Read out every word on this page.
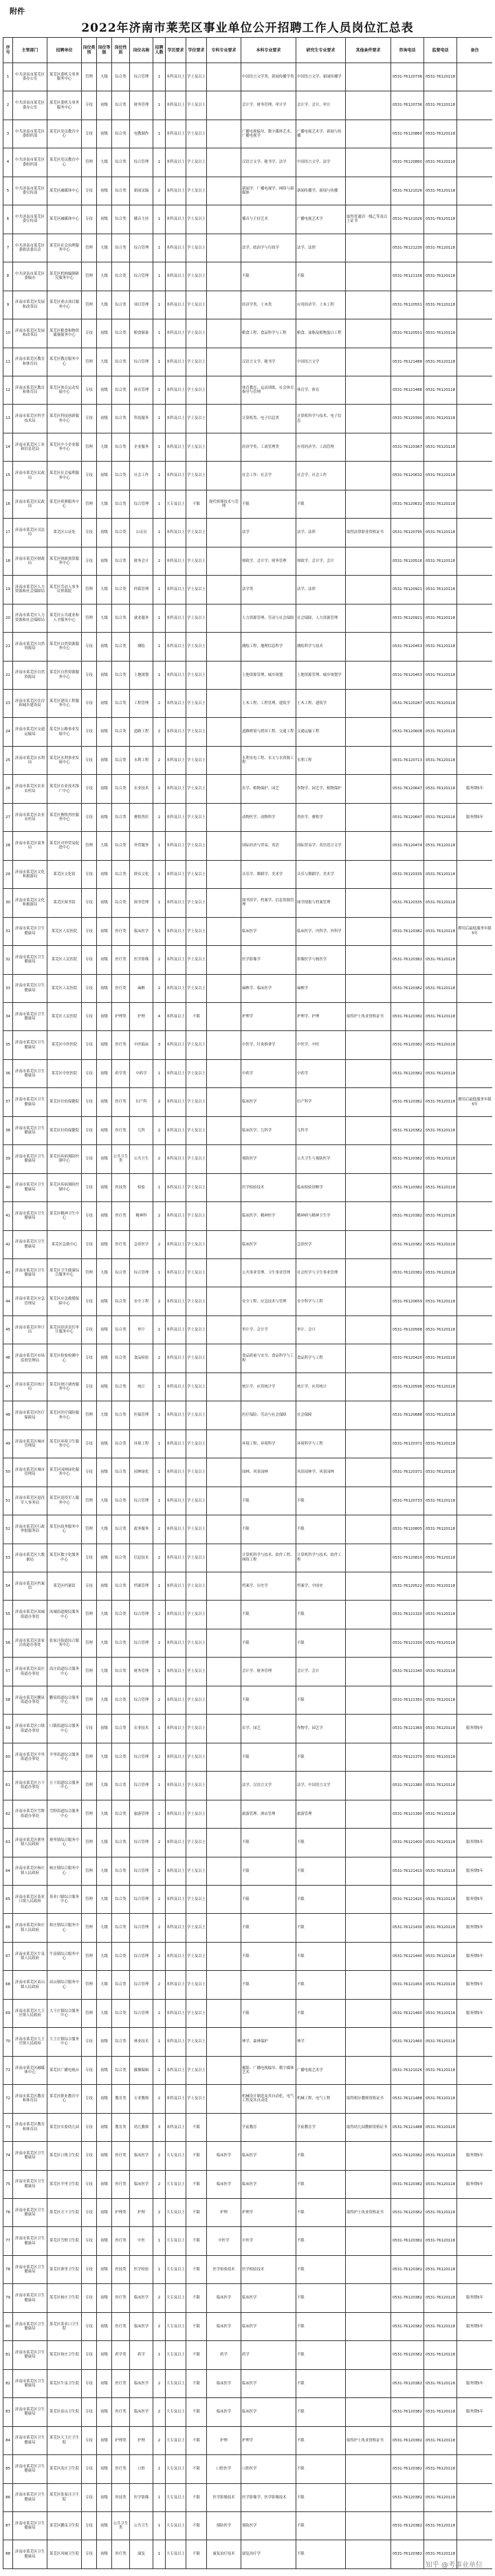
附件
2022年济南市莱芜区事业单位公开招聘工作人员岗位汇总表
序号	主管部门	招聘单位	岗位类别	岗位等级	岗位性质	岗位名称	招聘人数	学历要求	学位要求	专科专业要求	本科专业要求	研究生专业要求	其他条件要求	咨询电话	监督电话	备注
1	中共济南市莱芜区委办公室	莱芜区委机关事务服务中心	管理	九级	综合类	综合管理	1	本科及以上	学士及以上		中国语言文学类、新闻传播学类	中国语言文学、新闻传播学		0531-76120736	0531-76120118	
2	中共济南市莱芜区委办公室	莱芜区委机关事务服务中心	专技	初级	综合类	财务管理	1	本科及以上	学士及以上		会计学、财务管理、审计学	会计学、会计、审计		0531-76120736	0531-76120118	
3	中共济南市莱芜区委组织部	莱芜区党员教育中心	专技	初级	综合类	电教制作	1	本科及以上	学士及以上		广播电视编导、数字媒体艺术、广播电视学	广播电视艺术学、新闻与传播		0531-76120860	0531-76120118	
4	中共济南市莱芜区委组织部	莱芜区党员教育中心	管理	九级	综合类	综合管理	1	本科及以上	学士及以上		汉语言文学、秘书学、法学	中国语言文学、法学		0531-76120860	0531-76120118	
5	中共济南市莱芜区委宣传部	莱芜区融媒体中心	专技	初级	综合类	新闻采编	2	本科及以上	学士及以上		新闻学、广播电视学、网络与新媒体	新闻传播学、新闻与传播		0531-76121026	0531-76120118	
6	中共济南市莱芜区委宣传部	莱芜区融媒体中心	专技	初级	综合类	播音主持	1	本科及以上	学士及以上		播音与主持艺术	广播电视艺术学	取得普通话一级乙等及以上证书	0531-76121026	0531-76120118	
7	中共济南市莱芜区委政法委员会	莱芜区社会治理服务中心	管理	九级	综合类	综合管理	1	本科及以上	学士及以上		法学、政治学与行政学	法学、法律		0531-76121230	0531-76120118	
8	中共济南市莱芜区委编办	莱芜区机构编制研究服务中心	管理	九级	综合类	综合管理	1	本科及以上	学士及以上		不限	不限		0531-76121156	0531-76120118	
9	济南市莱芜区发展和改革局	莱芜区重点项目服务中心	管理	九级	综合类	项目管理	1	本科及以上	学士及以上		经济学类、土木类	应用经济学、土木工程		0531-76120551	0531-76120118	
10	济南市莱芜区发展和改革局	莱芜区粮食和物资储备服务中心	专技	初级	综合类	粮食储备	1	本科及以上	学士及以上		粮食工程、食品科学与工程	粮食、油脂及植物蛋白工程		0531-76120551	0531-76120118	
11	济南市莱芜区教育和体育局	莱芜区教育服务中心	管理	九级	综合类	综合管理	1	本科及以上	学士及以上		汉语言文学、秘书学	中国语言文学		0531-76121488	0531-76120118	
12	济南市莱芜区教育和体育局	莱芜区体育运动发展中心	专技	初级	综合类	体育管理	1	本科及以上	学士及以上		体育教育、运动训练、社会体育指导与管理	体育学、体育		0531-76121488	0531-76120118	
13	济南市莱芜区科学技术局	莱芜区科技创新服务中心	专技	初级	综合类	科技服务	1	本科及以上	学士及以上		计算机类、电子信息类	计算机科学与技术、电子信息		0531-76120390	0531-76120118	
14	济南市莱芜区工业和信息化局	莱芜区中小企业服务中心	管理	九级	综合类	企业服务	1	本科及以上	学士及以上		经济学类、工商管理类	应用经济学、工商管理		0531-76120367	0531-76120118	
15	济南市莱芜区民政局	莱芜区社会福利服务中心	专技	初级	综合类	社会工作	1	本科及以上	学士及以上		社会工作、社会学	社会学、社会工作		0531-76120632	0531-76120118	
16	济南市莱芜区民政局	莱芜区殡葬服务中心	管理	九级	综合类	综合管理	1	大专及以上	不限	现代殡葬技术与管理	不限	不限		0531-76120632	0531-76120118	
17	济南市莱芜区司法局	莱芜区公证处	专技	初级	综合类	公证员	1	本科及以上	学士及以上		法学	法学、法律	取得法律职业资格证书	0531-76120795	0531-76120118	
18	济南市莱芜区财政局	莱芜区财政预算服务中心	专技	初级	综合类	财务会计	2	本科及以上	学士及以上		财政学、会计学、财务管理	财政学、会计学、会计		0531-76120516	0531-76120118	
19	济南市莱芜区人力资源和社会保障局	莱芜区劳动人事争议仲裁院	管理	九级	综合类	仲裁管理	1	本科及以上	学士及以上		法学类	法学、法律		0531-76120921	0531-76120118	
20	济南市莱芜区人力资源和社会保障局	莱芜区公共就业和人才服务中心	管理	九级	综合类	就业服务	1	本科及以上	学士及以上		人力资源管理、劳动与社会保障	社会保障、人力资源管理		0531-76120921	0531-76120118	
21	济南市莱芜区自然资源局	莱芜区自然资源服务中心	专技	初级	综合类	测绘	1	本科及以上	学士及以上		测绘工程、地理信息科学	测绘科学与技术		0531-76120453	0531-76120118	
22	济南市莱芜区自然资源局	莱芜区自然资源服务中心	专技	初级	综合类	土地规划	1	本科及以上	学士及以上		土地资源管理、城乡规划	土地资源管理、城乡规划学		0531-76120453	0531-76120118	
23	济南市莱芜区住房和城乡建设局	莱芜区建设工程服务中心	专技	初级	综合类	工程管理	2	本科及以上	学士及以上		土木工程、工程管理、建筑学	土木工程、建筑学		0531-76120287	0531-76120118	
24	济南市莱芜区交通运输局	莱芜区公路事业发展中心	专技	初级	综合类	道路工程	2	本科及以上	学士及以上		道路桥梁与渡河工程、交通工程	交通运输工程		0531-76120608	0531-76120118	
25	济南市莱芜区水利局	莱芜区水利事业发展中心	专技	初级	综合类	水利工程	2	本科及以上	学士及以上		水利水电工程、水文与水资源工程	水利工程		0531-76120713	0531-76120118	
26	济南市莱芜区农业农村局	莱芜区农业技术推广中心	专技	初级	综合类	农业技术	2	本科及以上	学士及以上		农学、植物保护、园艺	作物学、园艺学、植物保护		0531-76120647	0531-76120118	服务期5年
27	济南市莱芜区农业农村局	莱芜区畜牧兽医服务中心	专技	初级	综合类	畜牧兽医	2	本科及以上	学士及以上		动物医学、动物科学	兽医学、畜牧学		0531-76120647	0531-76120118	服务期5年
28	济南市莱芜区商务局	莱芜区对外贸易促进中心	管理	九级	综合类	外贸服务	1	本科及以上	学士及以上		国际经济与贸易、英语	国际贸易学、英语语言文学		0531-76120474	0531-76120118	
29	济南市莱芜区文化和旅游局	莱芜区文化馆	专技	初级	综合类	群众文化	1	本科及以上	学士及以上		音乐学、舞蹈学、美术学	音乐与舞蹈学、美术学		0531-76120335	0531-76120118	
30	济南市莱芜区文化和旅游局	莱芜区图书馆	专技	初级	综合类	图书管理	1	本科及以上	学士及以上		图书馆学、档案学、信息资源管理	图书情报与档案管理		0531-76120335	0531-76120118	
31	济南市莱芜区卫生健康局	莱芜区人民医院	专技	初级	医疗类	临床医学	5	本科及以上	学士及以上		临床医学	临床医学、内科学、外科学		0531-76120382	0531-76120118	聘用后最低服务年限5年
32	济南市莱芜区卫生健康局	莱芜区人民医院	专技	初级	医疗类	医学影像	2	本科及以上	学士及以上		医学影像学	影像医学与核医学		0531-76120382	0531-76120118	
33	济南市莱芜区卫生健康局	莱芜区人民医院	专技	初级	医疗类	麻醉	2	本科及以上	学士及以上		麻醉学、临床医学	麻醉学		0531-76120382	0531-76120118	
34	济南市莱芜区卫生健康局	莱芜区人民医院	专技	初级	护理类	护理	4	本科及以上	不限		护理学	护理学、护理	取得护士执业资格证书	0531-76120382	0531-76120118	
35	济南市莱芜区卫生健康局	莱芜区中医医院	专技	初级	医疗类	中医临床	3	本科及以上	学士及以上		中医学、针灸推拿学	中医学、中医		0531-76120382	0531-76120118	
36	济南市莱芜区卫生健康局	莱芜区中医医院	专技	初级	药学类	中药学	1	本科及以上	学士及以上		中药学	中药学		0531-76120382	0531-76120118	
37	济南市莱芜区卫生健康局	莱芜区妇幼保健院	专技	初级	医疗类	妇产科	2	本科及以上	学士及以上		临床医学	妇产科学		0531-76120382	0531-76120118	聘用后最低服务年限5年
38	济南市莱芜区卫生健康局	莱芜区妇幼保健院	专技	初级	医疗类	儿科	2	本科及以上	学士及以上		临床医学、儿科学	儿科学		0531-76120382	0531-76120118	
39	济南市莱芜区卫生健康局	莱芜区疾病预防控制中心	专技	初级	公共卫生类	公共卫生	2	本科及以上	学士及以上		预防医学	公共卫生与预防医学		0531-76120382	0531-76120118	
40	济南市莱芜区卫生健康局	莱芜区疾病预防控制中心	专技	初级	医技类	检验	1	本科及以上	学士及以上		医学检验技术	临床检验诊断学		0531-76120382	0531-76120118	
41	济南市莱芜区卫生健康局	莱芜区精神卫生中心	专技	初级	医疗类	精神科	2	本科及以上	学士及以上		临床医学、精神医学	精神病与精神卫生学		0531-76120382	0531-76120118	
42	济南市莱芜区卫生健康局	莱芜区急救中心	专技	初级	医疗类	急诊医学	2	本科及以上	学士及以上		临床医学	急诊医学		0531-76120382	0531-76120118	
43	济南市莱芜区卫生健康局	莱芜区卫生健康综合服务中心	管理	九级	综合类	综合管理	1	本科及以上	学士及以上		公共事业管理、卫生事业管理	社会医学与卫生事业管理		0531-76120382	0531-76120118	
44	济南市莱芜区应急管理局	莱芜区应急救援保障中心	专技	初级	综合类	安全工程	2	本科及以上	学士及以上		安全工程、应急技术与管理	安全科学与工程		0531-76120659	0531-76120118	
45	济南市莱芜区审计局	莱芜区经济责任审计服务中心	专技	初级	综合类	审计	1	本科及以上	学士及以上		审计学、会计学	审计、会计		0531-76120568	0531-76120118	
46	济南市莱芜区市场监督管理局	莱芜区检验检测中心	专技	初级	综合类	食品检验	2	本科及以上	学士及以上		食品质量与安全、食品科学与工程	食品科学与工程		0531-76120420	0531-76120118	
47	济南市莱芜区统计局	莱芜区统计调查服务中心	专技	初级	综合类	统计	1	本科及以上	学士及以上		统计学、应用统计学	统计学、应用统计		0531-76120596	0531-76120118	
48	济南市莱芜区医疗保障局	莱芜区医疗保险服务中心	管理	九级	综合类	医保管理	1	本科及以上	学士及以上		医疗保险、劳动与社会保障	社会保障		0531-76120688	0531-76120118	
49	济南市莱芜区城市管理局	莱芜区环境卫生服务中心	专技	初级	综合类	环境工程	1	本科及以上	学士及以上		环境工程、环境科学	环境科学与工程		0531-76120371	0531-76120118	
50	济南市莱芜区城市管理局	莱芜区园林绿化服务中心	专技	初级	综合类	园林绿化	1	本科及以上	学士及以上		园林、风景园林	风景园林学、风景园林		0531-76120371	0531-76120118	
51	济南市莱芜区退役军人事务局	莱芜区退役军人服务中心	管理	九级	综合类	综合管理	1	本科及以上	学士及以上		不限	不限		0531-76120733	0531-76120118	
52	济南市莱芜区行政审批服务局	莱芜区政务服务中心	管理	九级	综合类	政务服务	2	本科及以上	学士及以上		不限	不限		0531-76120805	0531-76120118	
53	济南市莱芜区大数据局	莱芜区数字化服务中心	专技	初级	综合类	信息技术	2	本科及以上	学士及以上		计算机科学与技术、软件工程、网络工程	计算机科学与技术、软件工程		0531-76120810	0531-76120118	
54	济南市莱芜区档案馆	莱芜区档案馆	专技	初级	综合类	档案管理	1	本科及以上	学士及以上		档案学、历史学	档案学、中国史		0531-76120522	0531-76120118	
55	济南市莱芜区凤城街道办事处	凤城街道便民服务中心	管理	九级	综合类	综合管理	2	本科及以上	学士及以上		不限	不限		0531-76121320	0531-76120118	
56	济南市莱芜区张家洼街道办事处	张家洼街道综合服务中心	管理	九级	综合类	综合管理	2	本科及以上	学士及以上		不限	不限		0531-76121330	0531-76120118	
57	济南市莱芜区高庄街道办事处	高庄街道综合服务中心	管理	九级	综合类	财务管理	1	本科及以上	学士及以上		会计学、财务管理	会计学、会计		0531-76121340	0531-76120118	
58	济南市莱芜区鹏泉街道办事处	鹏泉街道综合服务中心	管理	九级	综合类	综合管理	2	本科及以上	学士及以上		不限	不限		0531-76121350	0531-76120118	
59	济南市莱芜区口镇街道办事处	口镇街道综合服务中心	专技	初级	综合类	农业技术	1	本科及以上	学士及以上		农学、园艺	作物学、园艺学		0531-76121360	0531-76120118	服务期5年
60	济南市莱芜区羊里街道办事处	羊里街道综合服务中心	管理	九级	综合类	综合管理	2	本科及以上	学士及以上		不限	不限		0531-76121370	0531-76120118	
61	济南市莱芜区方下街道办事处	方下街道综合服务中心	管理	九级	综合类	综合管理	1	本科及以上	学士及以上		法学、汉语言文学	法学、中国语言文学		0531-76121380	0531-76120118	
62	济南市莱芜区雪野街道办事处	雪野街道综合服务中心	管理	九级	综合类	旅游管理	1	本科及以上	学士及以上		旅游管理、酒店管理	旅游管理		0531-76121390	0531-76120118	
63	济南市莱芜区寨里镇人民政府	寨里镇综合服务中心	管理	九级	综合类	综合管理	2	本科及以上	学士及以上		不限	不限		0531-76121400	0531-76120118	服务期5年
64	济南市莱芜区杨庄镇人民政府	杨庄镇综合服务中心	管理	九级	综合类	综合管理	2	本科及以上	学士及以上		不限	不限		0531-76121410	0531-76120118	服务期5年
65	济南市莱芜区茶业口镇人民政府	茶业口镇综合服务中心	管理	九级	综合类	综合管理	2	本科及以上	学士及以上		不限	不限		0531-76121420	0531-76120118	服务期5年
66	济南市莱芜区和庄镇人民政府	和庄镇综合服务中心	管理	九级	综合类	综合管理	2	本科及以上	学士及以上		不限	不限		0531-76121430	0531-76120118	服务期5年
67	济南市莱芜区牛泉镇人民政府	牛泉镇综合服务中心	管理	九级	综合类	综合管理	2	本科及以上	学士及以上		不限	不限		0531-76121440	0531-76120118	服务期5年
68	济南市莱芜区苗山镇人民政府	苗山镇综合服务中心	管理	九级	综合类	综合管理	2	本科及以上	学士及以上		不限	不限		0531-76121450	0531-76120118	服务期5年
69	济南市莱芜区大王庄镇人民政府	大王庄镇综合服务中心	管理	九级	综合类	综合管理	2	本科及以上	学士及以上		不限	不限		0531-76121460	0531-76120118	服务期5年
70	济南市莱芜区大王庄镇人民政府	大王庄镇综合服务中心	专技	初级	综合类	林业技术	1	本科及以上	学士及以上		林学、森林保护	林学		0531-76121460	0531-76120118	
71	济南市莱芜区融媒体中心	莱芜区广播电视台	专技	初级	综合类	摄像编辑	1	本科及以上	学士及以上		摄影、广播电视编导、数字媒体艺术	广播电视艺术学		0531-76121026	0531-76120118	
72	济南市莱芜区教育和体育局	莱芜区职业教育中心	专技	初级	教育类	专业教师	2	本科及以上	学士及以上		机械设计制造及其自动化、电气工程及其自动化	机械工程、电气工程	取得相应教师资格证书	0531-76121488	0531-76120118	
73	济南市莱芜区教育和体育局	莱芜区实验幼儿园	专技	初级	教育类	幼儿教师	3	本科及以上	不限		学前教育	学前教育学	取得幼儿园教师资格证书	0531-76121488	0531-76120118	
74	济南市莱芜区卫生健康局	莱芜区口镇卫生院	专技	初级	医疗类	临床医学	2	大专及以上	不限	临床医学	临床医学	不限		0531-76120382	0531-76120118	服务期5年
75	济南市莱芜区卫生健康局	莱芜区羊里卫生院	专技	初级	医疗类	临床医学	2	大专及以上	不限	临床医学	临床医学	不限		0531-76120382	0531-76120118	服务期5年
76	济南市莱芜区卫生健康局	莱芜区方下卫生院	专技	初级	护理类	护理	2	大专及以上	不限	护理	护理学	不限	取得护士执业资格证书	0531-76120382	0531-76120118	
77	济南市莱芜区卫生健康局	莱芜区雪野卫生院	专技	初级	医疗类	中医	1	大专及以上	不限	中医学	中医学	不限		0531-76120382	0531-76120118	
78	济南市莱芜区卫生健康局	莱芜区寨里卫生院	专技	初级	医技类	医学检验	1	大专及以上	不限	医学检验技术	医学检验技术	不限		0531-76120382	0531-76120118	
79	济南市莱芜区卫生健康局	莱芜区杨庄卫生院	专技	初级	医疗类	临床医学	2	大专及以上	不限	临床医学	临床医学	不限		0531-76120382	0531-76120118	服务期5年
80	济南市莱芜区卫生健康局	莱芜区茶业口卫生院	专技	初级	医疗类	临床医学	2	大专及以上	不限	临床医学	临床医学	不限		0531-76120382	0531-76120118	服务期5年
81	济南市莱芜区卫生健康局	莱芜区和庄卫生院	专技	初级	药学类	药学	1	大专及以上	不限	药学	药学	不限		0531-76120382	0531-76120118	
82	济南市莱芜区卫生健康局	莱芜区牛泉卫生院	专技	初级	医疗类	临床医学	2	大专及以上	不限	临床医学	临床医学	不限		0531-76120382	0531-76120118	服务期5年
83	济南市莱芜区卫生健康局	莱芜区苗山卫生院	专技	初级	医疗类	临床医学	2	大专及以上	不限	临床医学	临床医学	不限		0531-76120382	0531-76120118	服务期5年
84	济南市莱芜区卫生健康局	莱芜区大王庄卫生院	专技	初级	护理类	护理	2	大专及以上	不限	护理	护理学	不限	取得护士执业资格证书	0531-76120382	0531-76120118	
85	济南市莱芜区卫生健康局	莱芜区高庄卫生院	专技	初级	医疗类	口腔	1	大专及以上	不限	口腔医学	口腔医学	不限		0531-76120382	0531-76120118	
86	济南市莱芜区卫生健康局	莱芜区张家洼卫生院	专技	初级	医技类	医学影像	1	大专及以上	不限	医学影像技术	医学影像学、医学影像技术	不限		0531-76120382	0531-76120118	
87	济南市莱芜区卫生健康局	莱芜区鹏泉卫生院	专技	初级	公共卫生类	公共卫生	1	大专及以上	不限	预防医学	预防医学	不限		0531-76120382	0531-76120118	
88	济南市莱芜区卫生健康局	莱芜区凤城卫生院	专技	初级	医疗类	康复	1	大专及以上	不限	康复治疗技术	康复治疗学	不限		0531-76120382	0531-76120118	
知乎 @考事业单位
